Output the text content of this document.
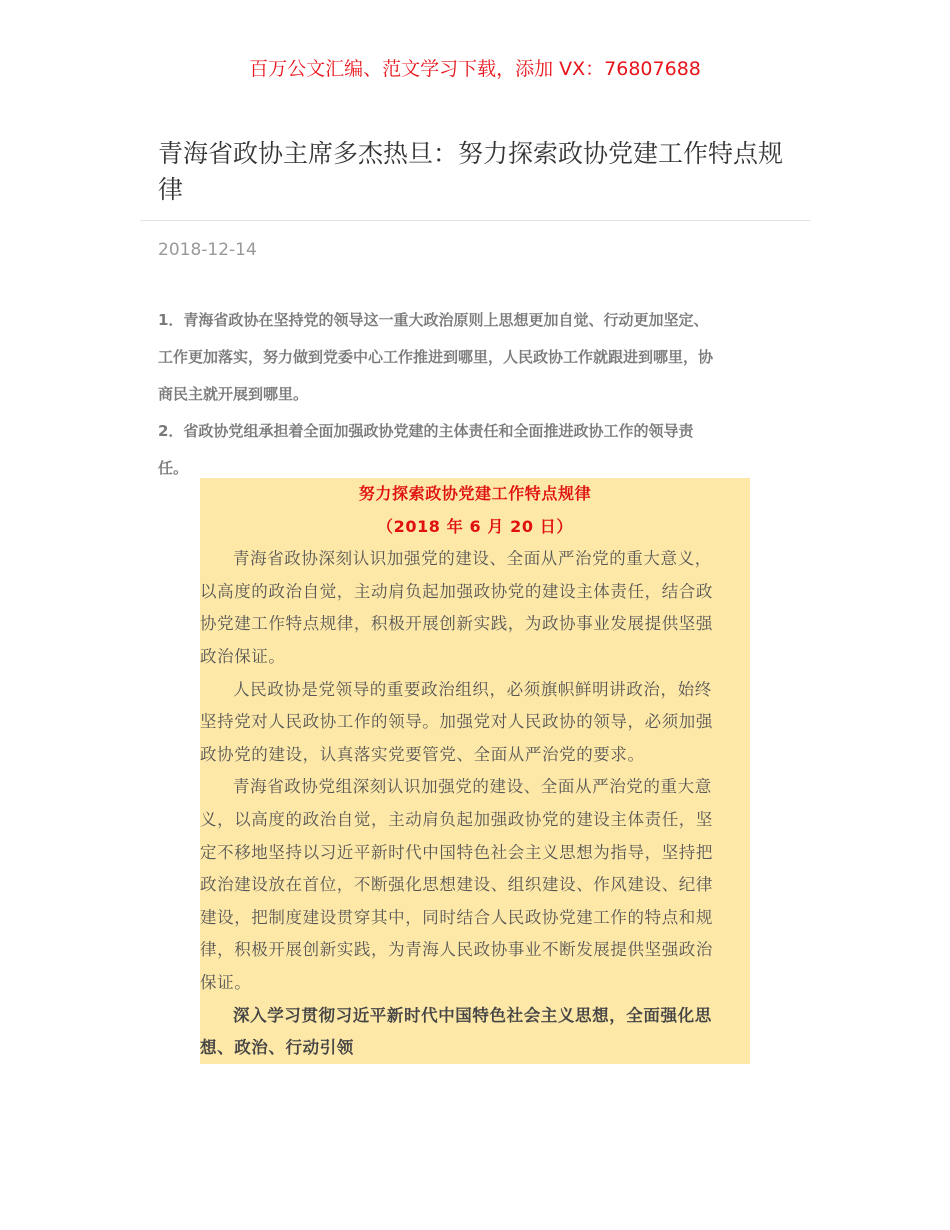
百万公文汇编、范文学习下载，添加 VX：76807688
青海省政协主席多杰热旦：努力探索政协党建工作特点规律
2018-12-14
1．青海省政协在坚持党的领导这一重大政治原则上思想更加自觉、行动更加坚定、
工作更加落实，努力做到党委中心工作推进到哪里，人民政协工作就跟进到哪里，协
商民主就开展到哪里。
2．省政协党组承担着全面加强政协党建的主体责任和全面推进政协工作的领导责
任。
努力探索政协党建工作特点规律
（2018 年 6 月 20 日）
青海省政协深刻认识加强党的建设、全面从严治党的重大意义，
以高度的政治自觉，主动肩负起加强政协党的建设主体责任，结合政
协党建工作特点规律，积极开展创新实践，为政协事业发展提供坚强
政治保证。
人民政协是党领导的重要政治组织，必须旗帜鲜明讲政治，始终
坚持党对人民政协工作的领导。加强党对人民政协的领导，必须加强
政协党的建设，认真落实党要管党、全面从严治党的要求。
青海省政协党组深刻认识加强党的建设、全面从严治党的重大意
义，以高度的政治自觉，主动肩负起加强政协党的建设主体责任，坚
定不移地坚持以习近平新时代中国特色社会主义思想为指导，坚持把
政治建设放在首位，不断强化思想建设、组织建设、作风建设、纪律
建设，把制度建设贯穿其中，同时结合人民政协党建工作的特点和规
律，积极开展创新实践，为青海人民政协事业不断发展提供坚强政治
保证。
深入学习贯彻习近平新时代中国特色社会主义思想，全面强化思
想、政治、行动引领
